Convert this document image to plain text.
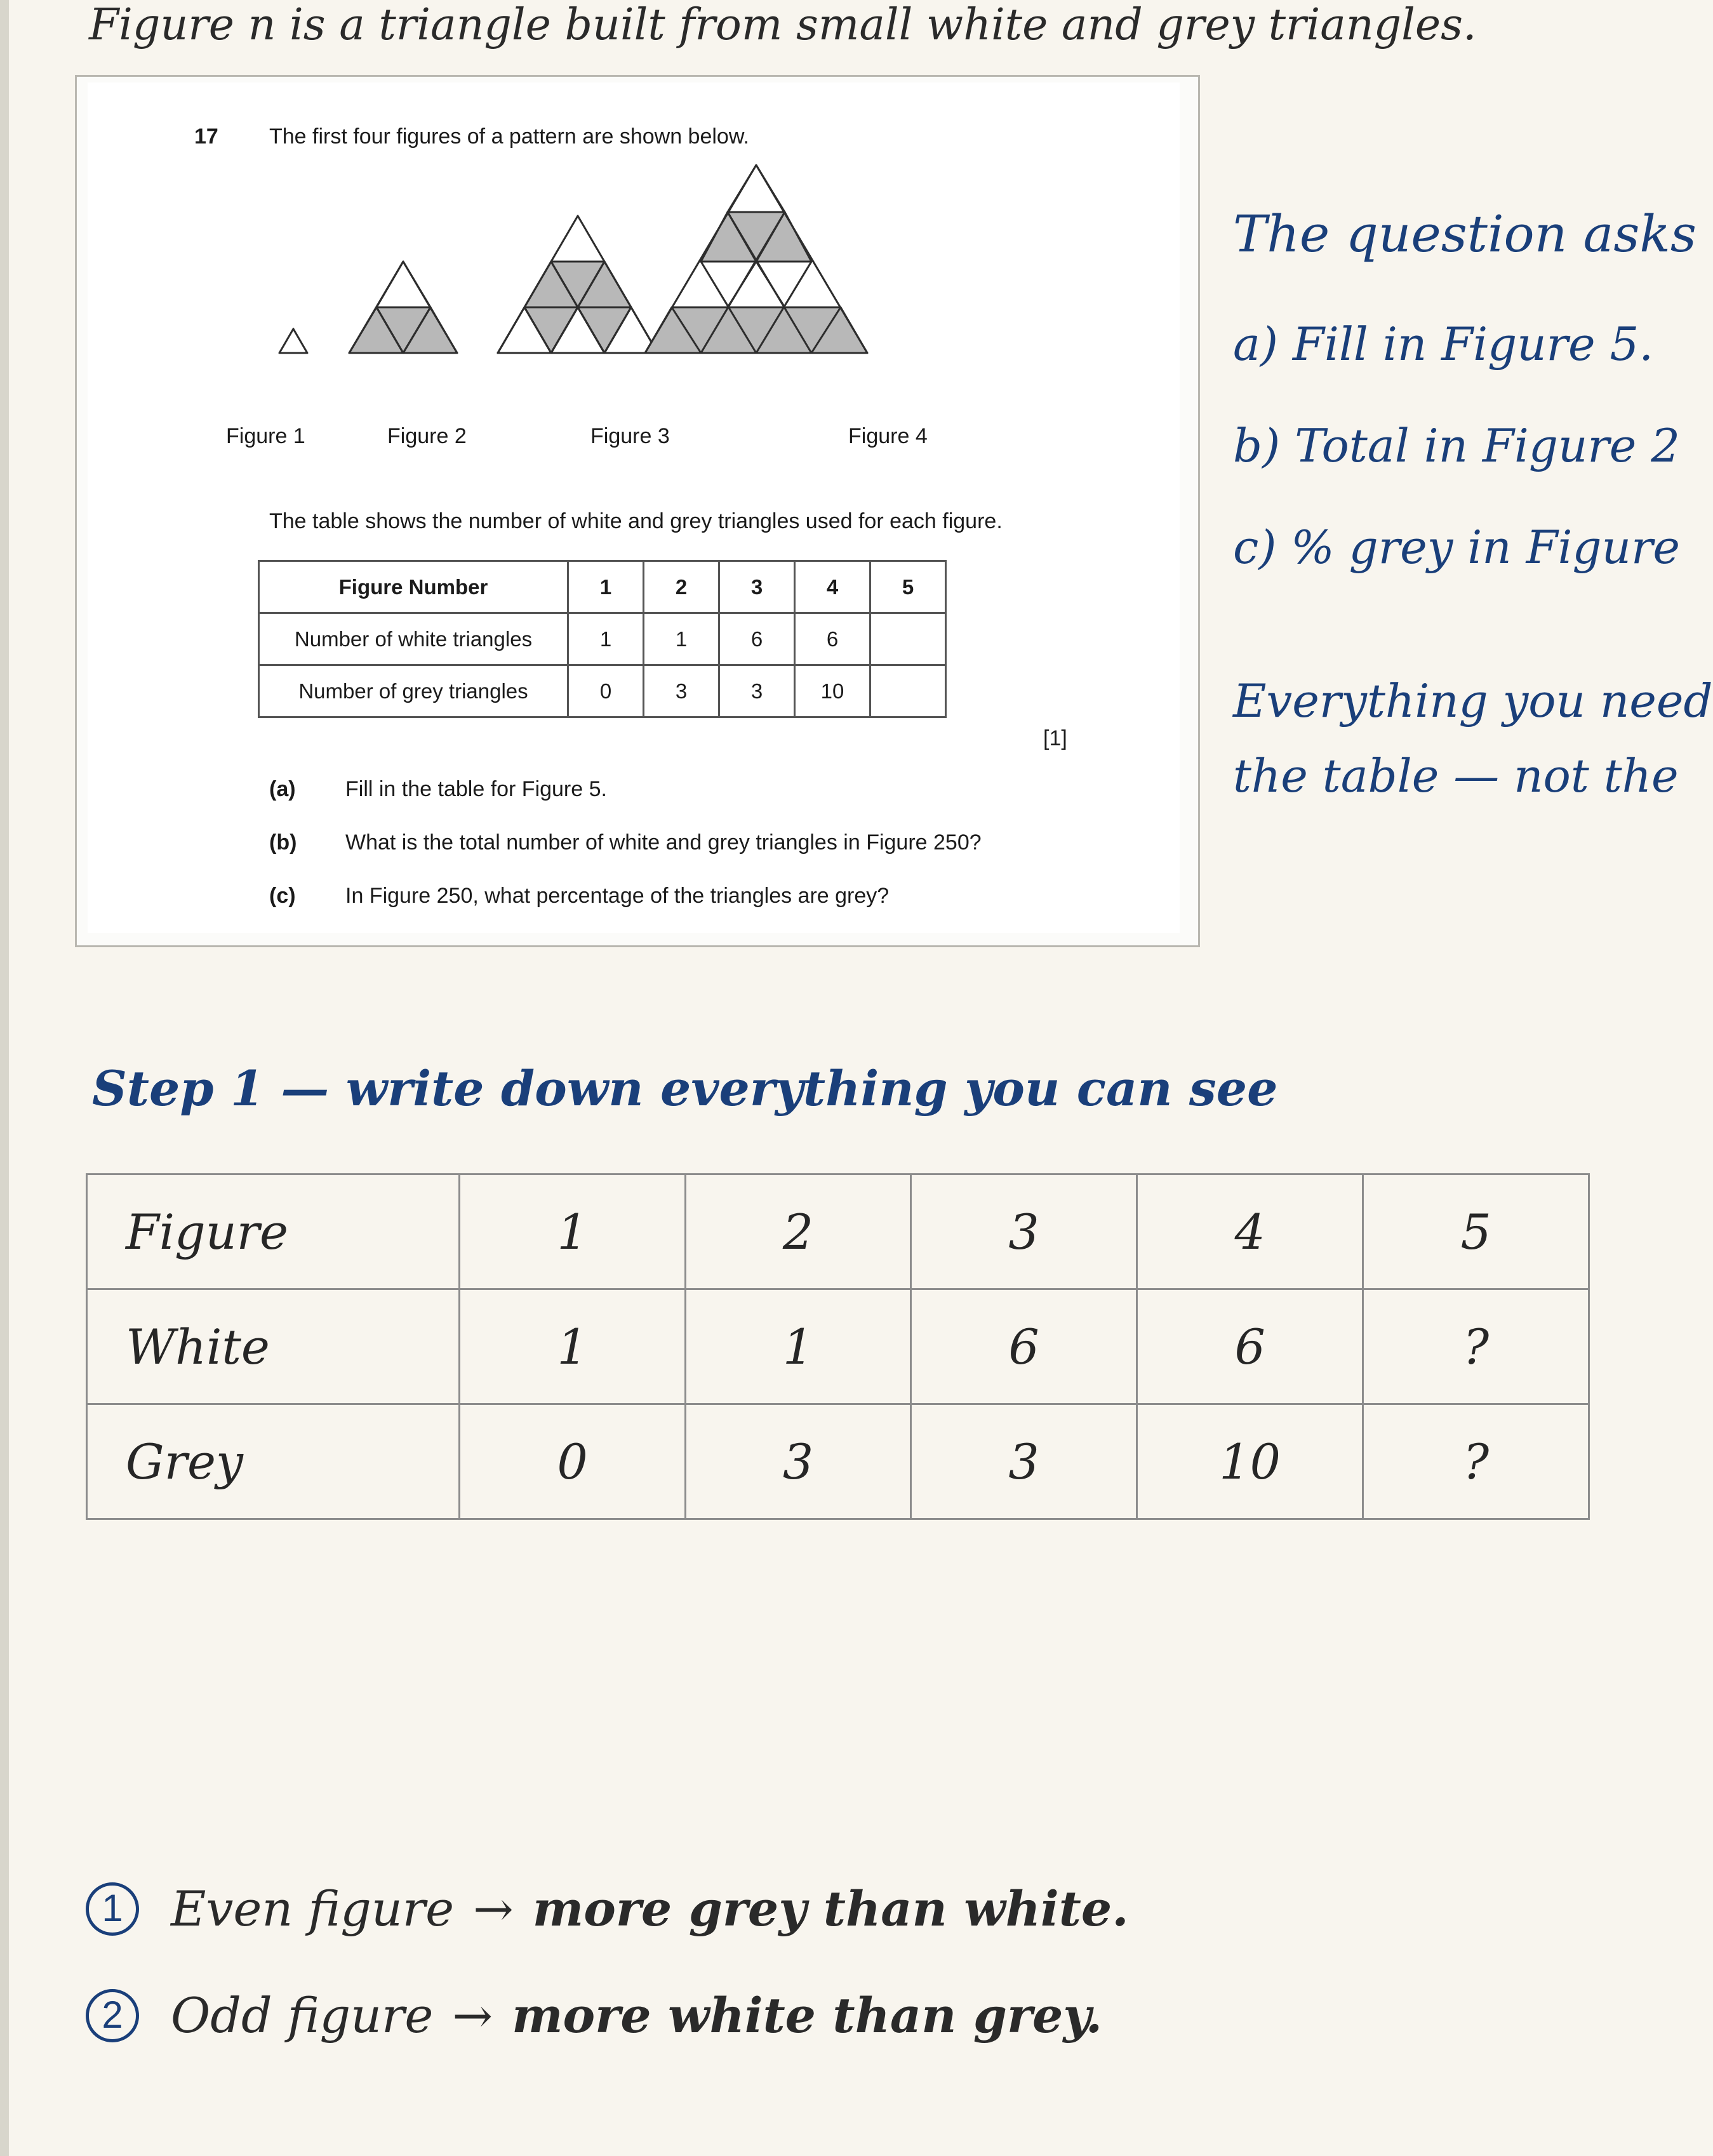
Figure n is a triangle built from small white and grey triangles.
17 The first four figures of a pattern are shown below.
Figure 1	Figure 2	Figure 3	Figure 4
The table shows the number of white and grey triangles used for each figure.
Figure Number	1	2	3	4	5
Number of white triangles	1	1	6	6	
Number of grey triangles	0	3	3	10	
[1]
(a) Fill in the table for Figure 5.
(b) What is the total number of white and grey triangles in Figure 250?
(c) In Figure 250, what percentage of the triangles are grey?
The question asks
a) Fill in Figure 5.
b) Total in Figure 2
c) % grey in Figure
Everything you need
the table — not the
Step 1 — write down everything you can see
Figure	1	2	3	4	5
White	1	1	6	6	?
Grey	0	3	3	10	?
1 Even figure → more grey than white.
2 Odd figure → more white than grey.
